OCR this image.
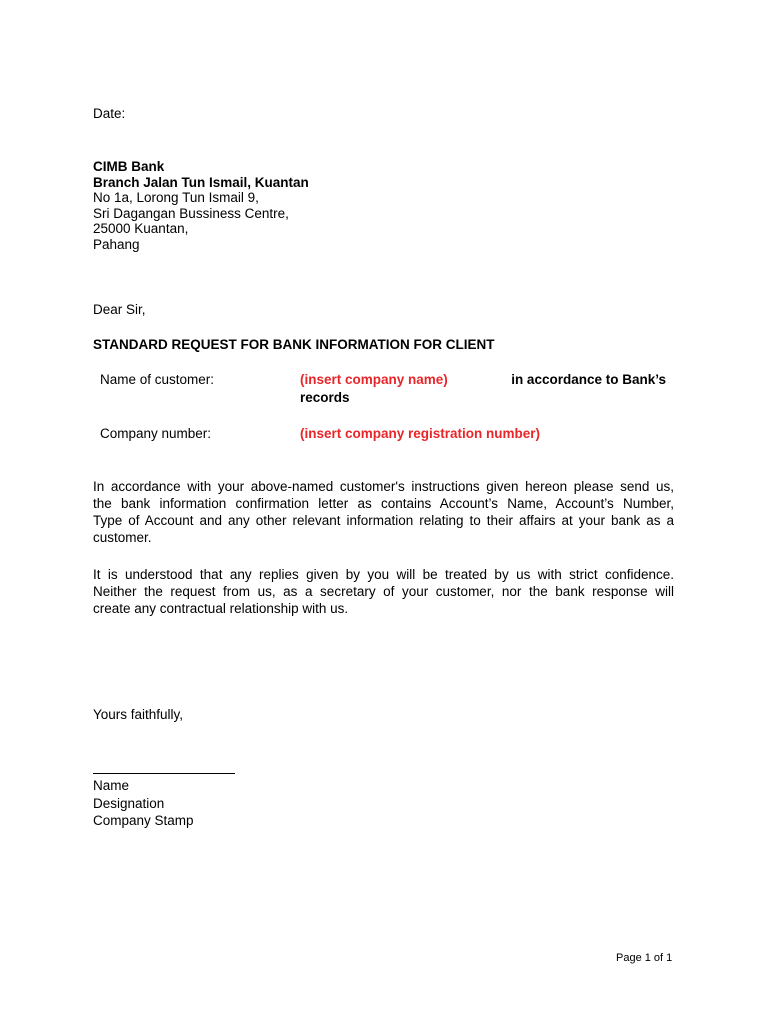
Date:
CIMB Bank
Branch Jalan Tun Ismail, Kuantan
No 1a, Lorong Tun Ismail 9,
Sri Dagangan Bussiness Centre,
25000 Kuantan,
Pahang
Dear Sir,
STANDARD REQUEST FOR BANK INFORMATION FOR CLIENT
Name of customer:	(insert company name)	in accordance to Bank’s
records
Company number:	(insert company registration number)
In accordance with your above-named customer's instructions given hereon please send us,
the bank information confirmation letter as contains Account’s Name, Account’s Number,
Type of Account and any other relevant information relating to their affairs at your bank as a
customer.
It is understood that any replies given by you will be treated by us with strict confidence.
Neither the request from us, as a secretary of your customer, nor the bank response will
create any contractual relationship with us.
Yours faithfully,
Name
Designation
Company Stamp
Page 1 of 1
